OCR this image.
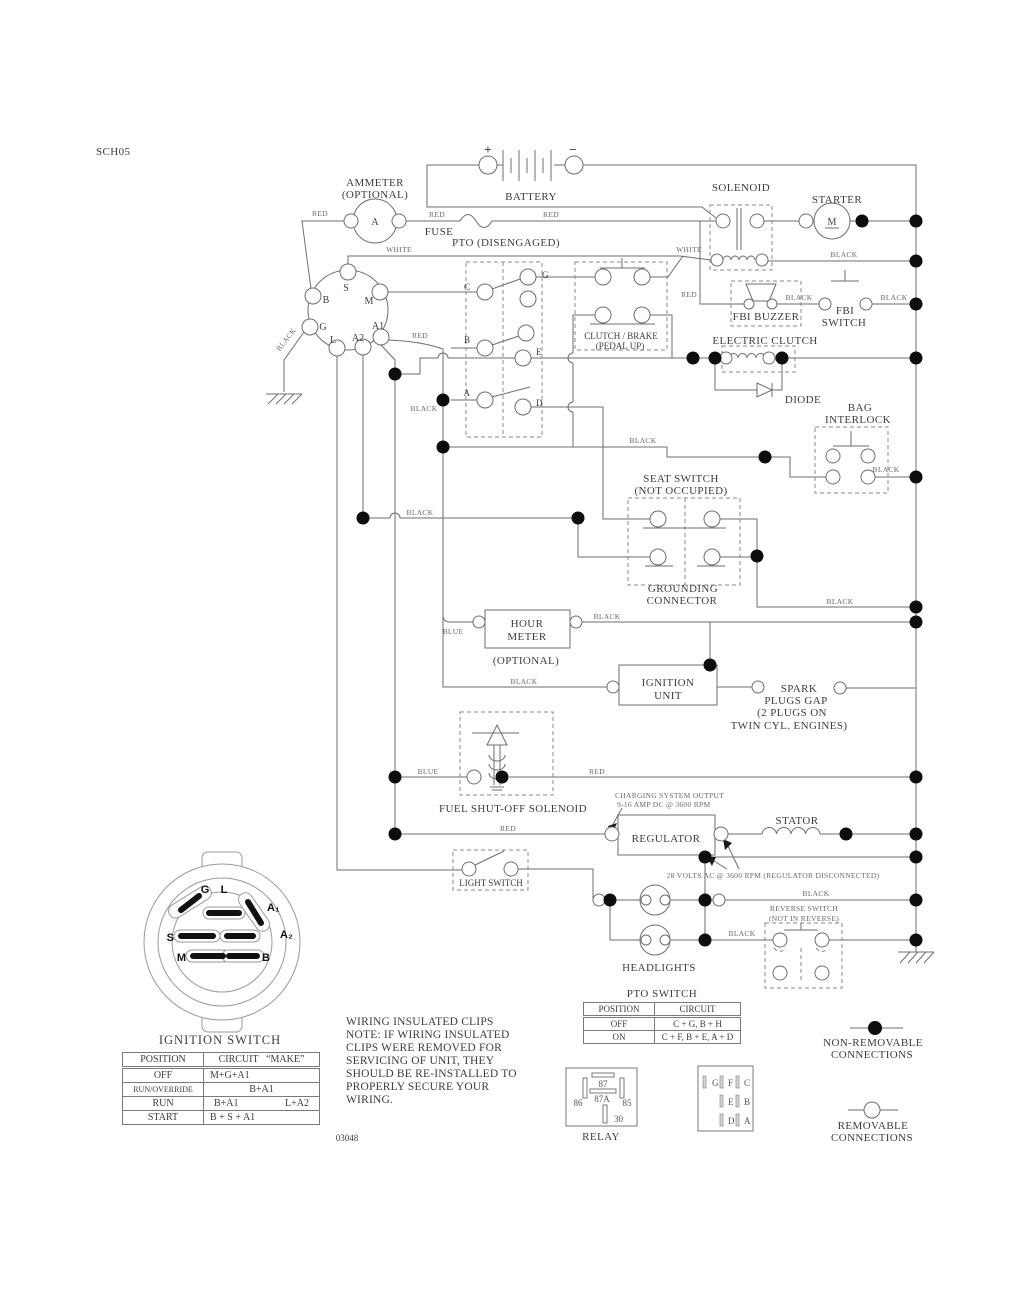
G L
A₁
A₂
S
M	B
IGNITION SWITCH
87
87A
86	85
30
RELAY
G F C
E B
D A
NON-REMOVABLE
CONNECTIONS
REMOVABLE
CONNECTIONS
SCH05
AMMETER
(OPTIONAL)
A
+	−
BATTERY
FUSE
PTO (DISENGAGED)
SOLENOID
STARTER
M
CLUTCH / BRAKE
(PEDAL UP)
FBI BUZZER	FBI
SWITCH
ELECTRIC CLUTCH
DIODE
BAG
INTERLOCK
SEAT SWITCH
(NOT OCCUPIED)
GROUNDING
CONNECTOR
HOUR
METER
(OPTIONAL)
IGNITION
UNIT
SPARK
PLUGS GAP
(2 PLUGS ON
TWIN CYL. ENGINES)
FUEL SHUT-OFF SOLENOID
CHARGING SYSTEM OUTPUT
9-16 AMP DC @ 3600 RPM
REGULATOR
STATOR
28 VOLTS AC @ 3600 RPM (REGULATOR DISCONNECTED)
LIGHT SWITCH
HEADLIGHTS
REVERSE SWITCH
(NOT IN REVERSE)
03048
S
B	M
G
L A2
A1
C
G
B
E
A
D
RED	RED	RED
WHITE	WHITE
BLACK
RED	BLACK	BLACK
BLACK	RED
BLACK
BLACK
BLACK
BLACK
BLACK
BLUE
BLACK
BLACK
BLUE	RED
RED
BLACK
BLACK
WIRING INSULATED CLIPS
NOTE: IF WIRING INSULATED
CLIPS WERE REMOVED FOR
SERVICING OF UNIT, THEY
SHOULD BE RE-INSTALLED TO
PROPERLY SECURE YOUR
WIRING.
POSITION	CIRCUIT “MAKE”
OFF	M+G+A1
RUN/OVERRIDE	B+A1
RUN	B+A1 L+A2

START	B + S + A1
PTO SWITCH
POSITION	CIRCUIT
OFF	C + G, B + H
ON	C + F, B + E, A + D
